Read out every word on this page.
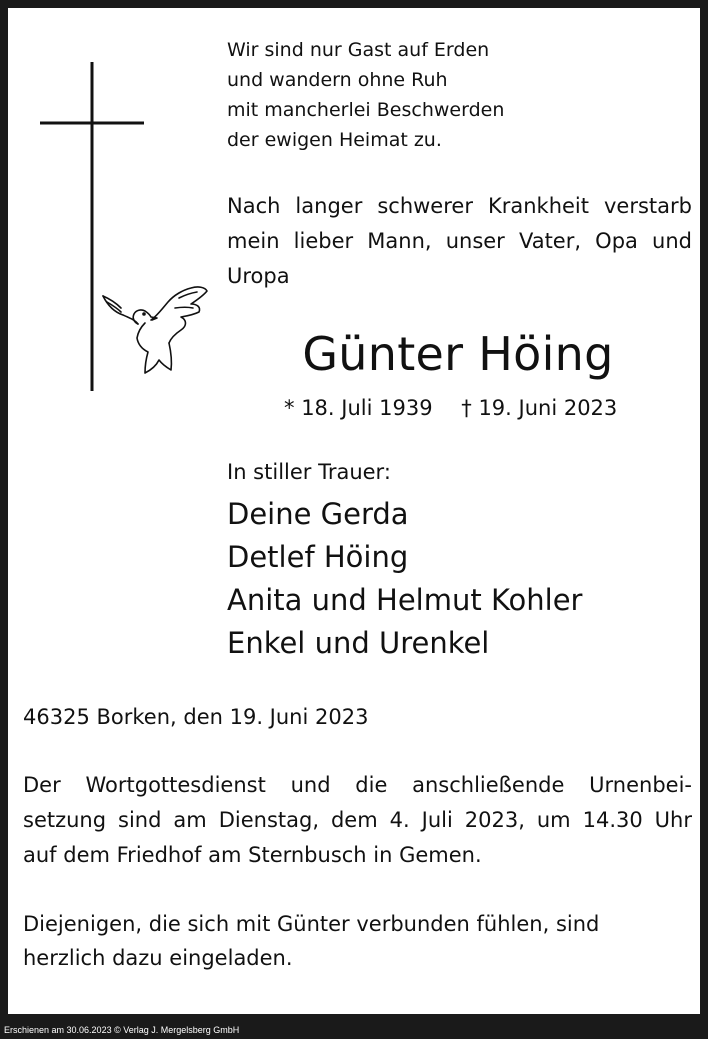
Wir sind nur Gast auf Erden
und wandern ohne Ruh
mit mancherlei Beschwerden
der ewigen Heimat zu.
Nach langer schwerer Krankheit verstarb mein lieber Mann, unser Vater, Opa und Uropa
Günter Höing
* 18. Juli 1939 † 19. Juni 2023
In stiller Trauer:
Deine Gerda
Detlef Höing
Anita und Helmut Kohler
Enkel und Urenkel
46325 Borken, den 19. Juni 2023
Der Wortgottesdienst und die anschließende Urnenbei-
setzung sind am Dienstag, dem 4. Juli 2023, um 14.30 Uhr
auf dem Friedhof am Sternbusch in Gemen.
Diejenigen, die sich mit Günter verbunden fühlen, sind
herzlich dazu eingeladen.
Erschienen am 30.06.2023 © Verlag J. Mergelsberg GmbH
